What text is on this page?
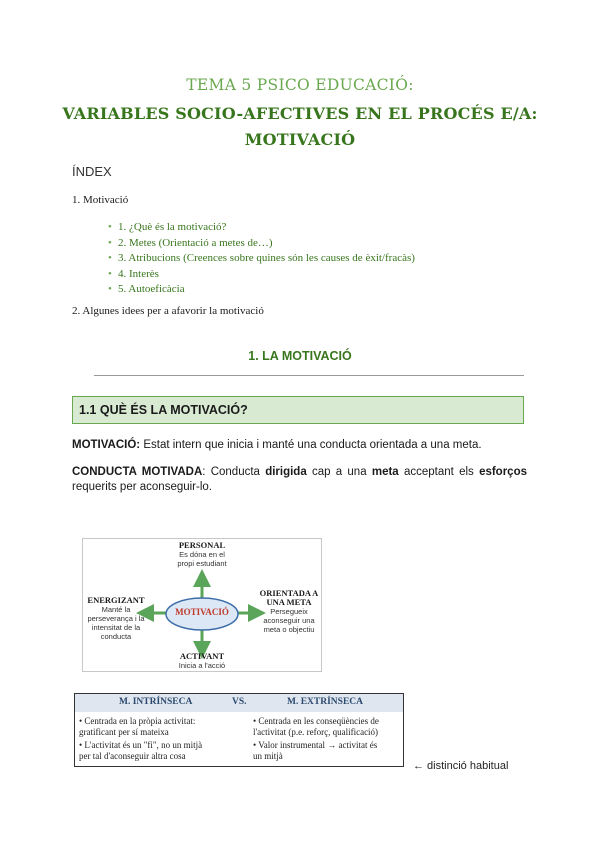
TEMA 5 PSICO EDUCACIÓ:
VARIABLES SOCIO-AFECTIVES EN EL PROCÉS E/A:
MOTIVACIÓ
ÍNDEX
1. Motivació
• 1. ¿Què és la motivació?
• 2. Metes (Orientació a metes de…)
• 3. Atribucions (Creences sobre quines són les causes de èxit/fracàs)
• 4. Interès
• 5. Autoeficàcia
2. Algunes idees per a afavorir la motivació
1. LA MOTIVACIÓ
1.1 QUÈ ÉS LA MOTIVACIÓ?
MOTIVACIÓ: Estat intern que inicia i manté una conducta orientada a una meta.
CONDUCTA MOTIVADA: Conducta dirigida cap a una meta acceptant els esforços requerits per aconseguir-lo.
MOTIVACIÓ
PERSONAL
Es dóna en el
propi estudiant
ENERGIZANT
Manté la
perseverança i la
intensitat de la
conducta
ORIENTADA A
UNA META
Persegueix
aconseguir una
meta o objectiu
ACTIVANT
Inicia a l'acció
M. INTRÍNSECA	VS.	M. EXTRÍNSECA
• Centrada en la pròpia activitat:
gratificant per sí mateixa
• L'activitat és un "fi", no un mitjà
per tal d'aconseguir altra cosa
• Centrada en les conseqüències de
l'activitat (p.e. reforç, qualificació)
• Valor instrumental → activitat és
un mitjà
← distinció habitual
